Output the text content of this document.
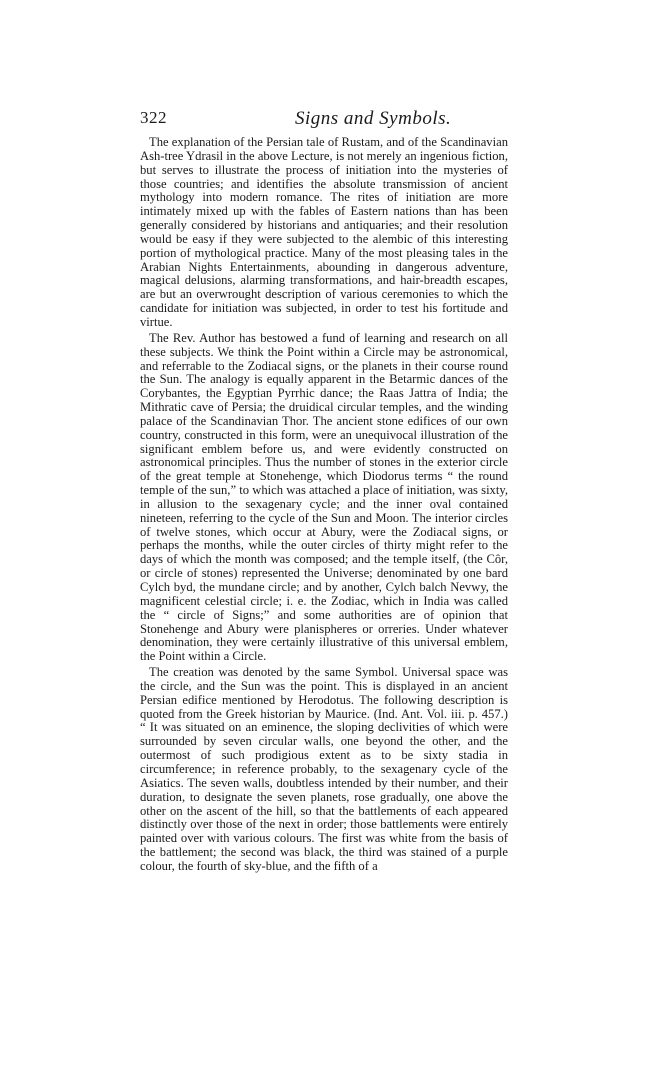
322	Signs and Symbols.

The explanation of the Persian tale of Rustam, and of the Scandinavian Ash-tree Ydrasil in the above Lecture, is not merely an ingenious fiction, but serves to illustrate the process of initiation into the mysteries of those countries; and identifies the absolute transmission of ancient mythology into modern romance. The rites of initiation are more intimately mixed up with the fables of Eastern nations than has been generally considered by historians and antiquaries; and their resolution would be easy if they were subjected to the alembic of this interesting portion of mythological practice. Many of the most pleasing tales in the Arabian Nights Entertainments, abounding in dangerous adventure, magical delusions, alarming transformations, and hair-breadth escapes, are but an overwrought description of various ceremonies to which the candidate for initiation was subjected, in order to test his fortitude and virtue.

The Rev. Author has bestowed a fund of learning and research on all these subjects. We think the Point within a Circle may be astronomical, and referrable to the Zodiacal signs, or the planets in their course round the Sun. The analogy is equally apparent in the Betarmic dances of the Corybantes, the Egyptian Pyrrhic dance; the Raas Jattra of India; the Mithratic cave of Persia; the druidical circular temples, and the winding palace of the Scandinavian Thor. The ancient stone edifices of our own country, constructed in this form, were an unequivocal illustration of the significant emblem before us, and were evidently constructed on astronomical principles. Thus the number of stones in the exterior circle of the great temple at Stonehenge, which Diodorus terms “ the round temple of the sun,” to which was attached a place of initiation, was sixty, in allusion to the sexagenary cycle; and the inner oval contained nineteen, referring to the cycle of the Sun and Moon. The interior circles of twelve stones, which occur at Abury, were the Zodiacal signs, or perhaps the months, while the outer circles of thirty might refer to the days of which the month was composed; and the temple itself, (the Côr, or circle of stones) represented the Universe; denominated by one bard Cylch byd, the mundane circle; and by another, Cylch balch Nevwy, the magnificent celestial circle; i. e. the Zodiac, which in India was called the “ circle of Signs;” and some authorities are of opinion that Stonehenge and Abury were planispheres or orreries. Under whatever denomination, they were certainly illustrative of this universal emblem, the Point within a Circle.

The creation was denoted by the same Symbol. Universal space was the circle, and the Sun was the point. This is displayed in an ancient Persian edifice mentioned by Herodotus. The following description is quoted from the Greek historian by Maurice. (Ind. Ant. Vol. iii. p. 457.) “ It was situated on an eminence, the sloping declivities of which were surrounded by seven circular walls, one beyond the other, and the outermost of such prodigious extent as to be sixty stadia in circumference; in reference probably, to the sexagenary cycle of the Asiatics. The seven walls, doubtless intended by their number, and their duration, to designate the seven planets, rose gradually, one above the other on the ascent of the hill, so that the battlements of each appeared distinctly over those of the next in order; those battlements were entirely painted over with various colours. The first was white from the basis of the battlement; the second was black, the third was stained of a purple colour, the fourth of sky-blue, and the fifth of a
